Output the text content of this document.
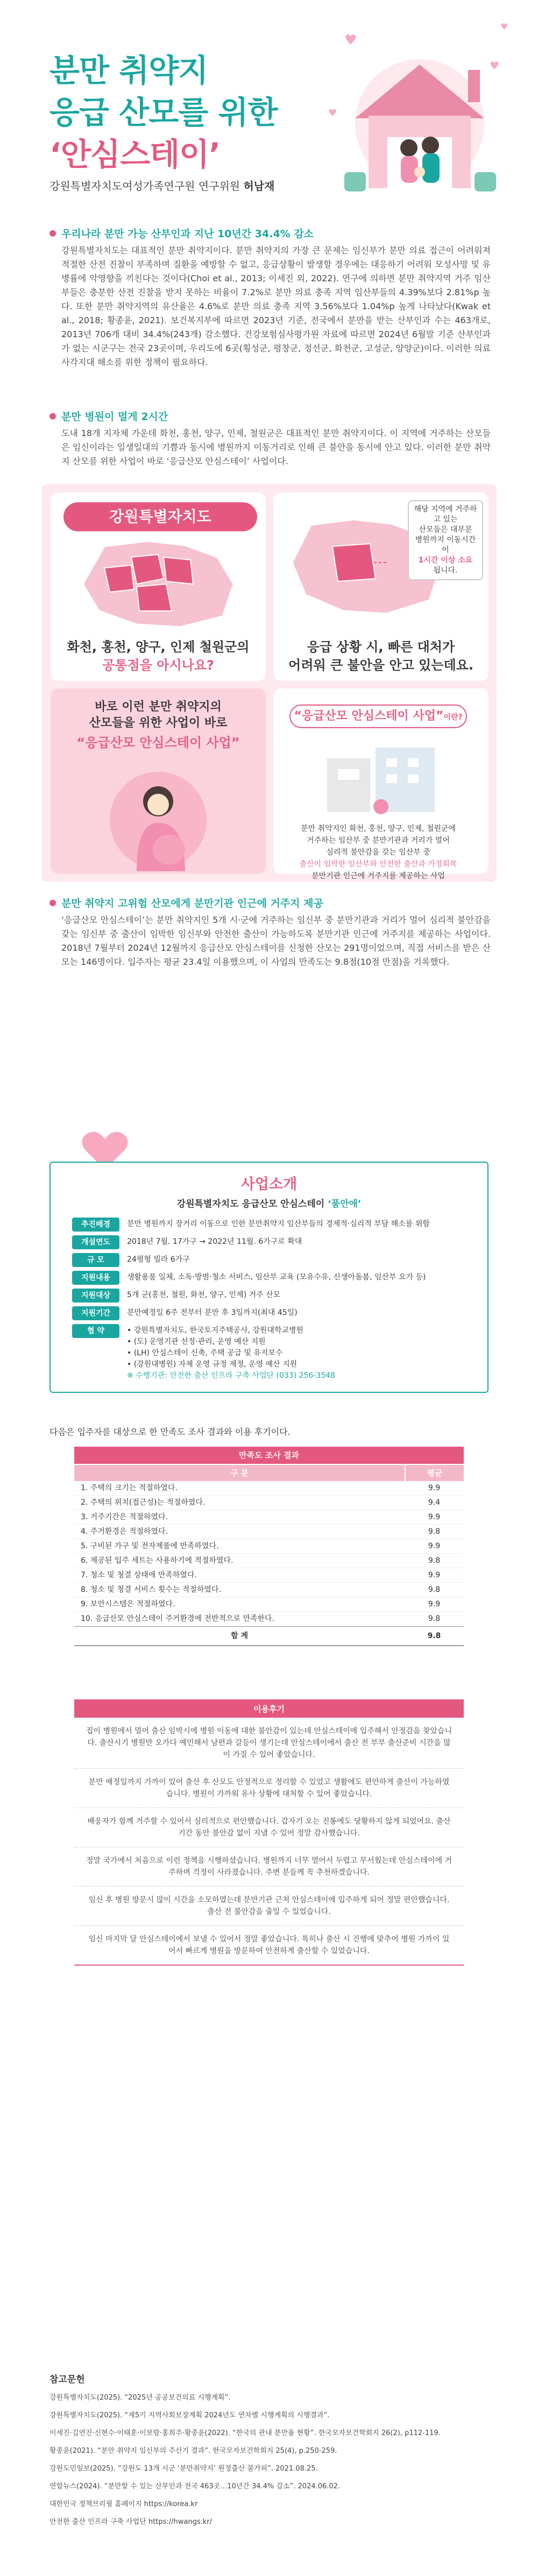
분만 취약지
응급 산모를 위한
‘안심스테이’
강원특별자치도여성가족연구원 연구위원 허남재
♥
♥
♥
♥
우리나라 분만 가능 산부인과 지난 10년간 34.4% 감소

강원특별자치도는 대표적인 분만 취약지이다. 분만 취약지의 가장 큰 문제는 임신부가 분만 의료 접근이 어려워져 적절한 산전 진찰이 부족하며 질환을 예방할 수 없고, 응급상황이 발생할 경우에는 대응하기 어려워 모성사망 및 유병률에 악영향을 끼친다는 것이다(Choi et al., 2013; 이세진 외, 2022). 연구에 의하면 분만 취약지역 거주 임산부들은 충분한 산전 진찰을 받지 못하는 비율이 7.2%로 분만 의료 충족 지역 임산부들의 4.39%보다 2.81%p 높다. 또한 분만 취약지역의 유산율은 4.6%로 분만 의료 충족 지역 3.56%보다 1.04%p 높게 나타났다(Kwak et al., 2018; 황종윤, 2021). 보건복지부에 따르면 2023년 기준, 전국에서 분만을 받는 산부인과 수는 463개로, 2013년 706개 대비 34.4%(243개) 감소했다. 건강보험심사평가원 자료에 따르면 2024년 6월말 기준 산부인과가 없는 시군구는 전국 23곳이며, 우리도에 6곳(횡성군, 평창군, 정선군, 화천군, 고성군, 양양군)이다. 이러한 의료 사각지대 해소를 위한 정책이 필요하다.

분만 병원이 멀게 2시간

도내 18개 지자체 가운데 화천, 홍천, 양구, 인제, 철원군은 대표적인 분만 취약지이다. 이 지역에 거주하는 산모들은 임신이라는 일생일대의 기쁨과 동시에 병원까지 이동거리로 인해 큰 불안을 동시에 안고 있다. 이러한 분만 취약지 산모를 위한 사업이 바로 ‘응급산모 안심스테이’ 사업이다.

강원특별자치도
화천, 홍천, 양구, 인제 철원군의
공통점을 아시나요?
해당 지역에 거주하고 있는
산모들은 대부분
병원까지 이동시간이
1시간 이상 소요
됩니다.
응급 상황 시, 빠른 대처가
어려워 큰 불안을 안고 있는데요.
바로 이런 분만 취약지의
산모들을 위한 사업이 바로
“응급산모 안심스테이 사업”
“응급산모 안심스테이 사업”이란?
분만 취약지인 화천, 홍천, 양구, 인제, 철원군에
거주하는 임산부 중 분만기관과 거리가 멀어
심리적 불안감을 갖는 임산부 중
출산이 임박한 임산부와 안전한 출산과 가정회복
분만기관 인근에 거주지를 제공하는 사업
분만 취약지 고위험 산모에게 분만기관 인근에 거주지 제공

‘응급산모 안심스테이’는 분만 취약지인 5개 시·군에 거주하는 임신부 중 분만기관과 거리가 멀어 심리적 불안감을 갖는 임신부 중 출산이 임박한 임신부와 안전한 출산이 가능하도록 분만기관 인근에 거주지를 제공하는 사업이다. 2018년 7월부터 2024년 12월까지 응급산모 안심스테이를 신청한 산모는 291명이었으며, 직접 서비스를 받은 산모는 146명이다. 입주자는 평균 23.4일 이용했으며, 이 사업의 만족도는 9.8점(10점 만점)을 기록했다.

사업소개
강원특별자치도 응급산모 안심스테이 ‘품안애’
추진배경	분만 병원까지 장거리 이동으로 인한 분만취약지 임산부들의 경제적·심리적 부담 해소를 위함
개설연도	2018년 7월. 17가구 → 2022년 11월. 6가구로 확대
규 모	24평형 빌라 6가구
지원내용	생활용품 일체, 소독·방범·청소 서비스, 임산부 교육 (모유수유, 신생아돌봄, 임산부 요가 등)
지원대상	5개 군(홍천, 철원, 화천, 양구, 인제) 거주 산모
지원기간	분만예정일 6주 전부터 분만 후 3일까지(최대 45일)
협 약	• 강원특별자치도, 한국토지주택공사, 강원대학교병원
• (도) 운영기관 선정·관리, 운영 예산 지원
• (LH) 안심스테이 신축, 주택 공급 및 유지보수
• (강원대병원) 자체 운영 규정 제정, 운영 예산 지원
※ 수행기관: 안전한 출산 인프라 구축 사업단 (033) 256-3548
다음은 입주자를 대상으로 한 만족도 조사 결과와 이용 후기이다.
만족도 조사 결과
구 분	평균
1. 주택의 크기는 적절하였다.	9.9
2. 주택의 위치(접근성)는 적절하였다.	9.4
3. 거주기간은 적절하였다.	9.9
4. 주거환경은 적절하였다.	9.8
5. 구비된 가구 및 전자제품에 만족하였다.	9.9
6. 제공된 입주 세트는 사용하기에 적절하였다.	9.8
7. 청소 및 청결 상태에 만족하였다.	9.9
8. 청소 및 청결 서비스 횟수는 적절하였다.	9.8
9. 보안시스템은 적절하였다.	9.9
10. 응급산모 안심스테이 주거환경에 전반적으로 만족한다.	9.8
합 계	9.8
이용후기
집이 병원에서 멀어 출산 임박시에 병원 이동에 대한 불안감이 있는데 안심스테이에 입주해서 안정감을 찾았습니다. 출산시기 병원만 오가다 예민해서 남편과 갈등이 생기는데 안심스테이에서 출산 전 부부 출산준비 시간을 많이 가질 수 있어 좋았습니다.
분만 예정일까지 가까이 있어 출산 후 산모도 안정적으로 정리할 수 있었고 생활에도 편안하게 출산이 가능하였습니다. 병원이 가까워 유사 상황에 대처할 수 있어 좋았습니다.
배웅자가 함께 거주할 수 있어서 심리적으로 편안했습니다. 갑자기 오는 진통에도 당황하지 않게 되었어요. 출산 기간 동안 불안감 없이 지낼 수 있어 정말 감사했습니다.
정말 국가에서 처음으로 이런 정책을 시행하셨습니다. 병원까지 너무 멀어서 두렵고 무서웠는데 안심스테이에 거주하며 걱정이 사라졌습니다. 주변 분들께 꼭 추천하겠습니다.
임신 후 병원 방문시 많이 시간을 소모하였는데 분만기관 근처 안심스테이에 입주하게 되어 정말 편안했습니다. 출산 전 불안감을 줄일 수 있었습니다.
임신 마지막 달 안심스테이에서 보낼 수 있어서 정말 좋았습니다. 특히나 출산 시 진행에 맞추어 병원 가까이 있어서 빠르게 병원을 방문하여 안전하게 출산할 수 있었습니다.
참고문헌
강원특별자치도(2025). “2025년 공공보건의료 시행계획”.
강원특별자치도(2025). “제5기 지역사회보장계획 2024년도 연차별 시행계획의 시행결과”.
이세진·김연진·신현수·이태훈·이보람·홍희주·황종윤(2022). “한국의 관내 분만율 현황”. 한국모자보건학회지 26(2), p112-119.
황종윤(2021). “분만 취약지 임신부의 주산기 결과”. 한국모자보건학회지 25(4), p.250-259.
강원도민일보(2025). “강원도 13개 시군 ‘분만취약지’ 원정출산 불가피”. 2021.08.25.
연합뉴스(2024). “분만할 수 있는 산부인과 전국 463곳…10년간 34.4% 감소”. 2024.06.02.
대한민국 정책브리핑 홈페이지 https://korea.kr
안전한 출산 인프라 구축 사업단 https://hwangs.kr/
